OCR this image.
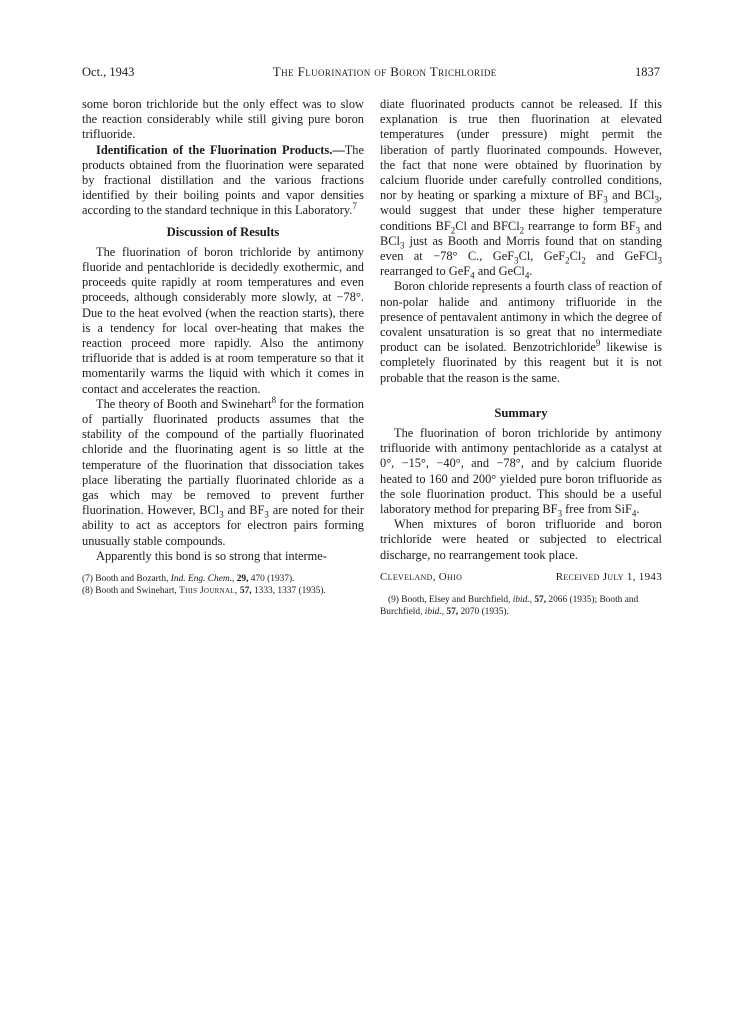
Oct., 1943	The Fluorination of Boron Trichloride	1837

some boron trichloride but the only effect was to slow the reaction considerably while still giving pure boron trifluoride.

Identification of the Fluorination Products.—The products obtained from the fluorination were separated by fractional distillation and the various fractions identified by their boiling points and vapor densities according to the standard technique in this Laboratory.$^7$

Discussion of Results

The fluorination of boron trichloride by antimony fluoride and pentachloride is decidedly exothermic, and proceeds quite rapidly at room temperatures and even proceeds, although considerably more slowly, at −78°. Due to the heat evolved (when the reaction starts), there is a tendency for local over-heating that makes the reaction proceed more rapidly. Also the antimony trifluoride that is added is at room temperature so that it momentarily warms the liquid with which it comes in contact and accelerates the reaction.

The theory of Booth and Swinehart$^8$ for the formation of partially fluorinated products assumes that the stability of the compound of the partially fluorinated chloride and the fluorinating agent is so little at the temperature of the fluorination that dissociation takes place liberating the partially fluorinated chloride as a gas which may be removed to prevent further fluorination. However, BCl$_3$ and $BF_3$ are noted for their ability to act as acceptors for electron pairs forming unusually stable compounds.

Apparently this bond is so strong that interme-

(7) Booth and Bozarth, Ind. Eng. Chem., 29, 470 (1937).

(8) Booth and Swinehart, This Journal, 57, 1333, 1337 (1935).

diate fluorinated products cannot be released. If this explanation is true then fluorination at elevated temperatures (under pressure) might permit the liberation of partly fluorinated compounds. However, the fact that none were obtained by fluorination by calcium fluoride under carefully controlled conditions, nor by heating or sparking a mixture of $BF_3$ and BCl$_3$, would suggest that under these higher temperature conditions $BF_2Cl$ and BFCl$_2$ rearrange to form $BF_3$ and BCl$_3$ just as Booth and Morris found that on standing even at −78° C., GeF$_3$Cl, $GeF_2Cl_2$ and GeFCl$_3$ rearranged to GeF$_4$ and GeCl$_4$.

Boron chloride represents a fourth class of reaction of non-polar halide and antimony trifluoride in the presence of pentavalent antimony in which the degree of covalent unsaturation is so great that no intermediate product can be isolated. Benzotrichloride$^9$ likewise is completely fluorinated by this reagent but it is not probable that the reason is the same.

Summary

The fluorination of boron trichloride by antimony trifluoride with antimony pentachloride as a catalyst at 0°, −15°, −40°, and −78°, and by calcium fluoride heated to 160 and 200° yielded pure boron trifluoride as the sole fluorination product. This should be a useful laboratory method for preparing $BF_3$ free from SiF$_4$.

When mixtures of boron trifluoride and boron trichloride were heated or subjected to electrical discharge, no rearrangement took place.

Cleveland, Ohio	Received July 1, 1943

(9) Booth, Elsey and Burchfield, ibid., 57, 2066 (1935); Booth and Burchfield, ibid., 57, 2070 (1935).
